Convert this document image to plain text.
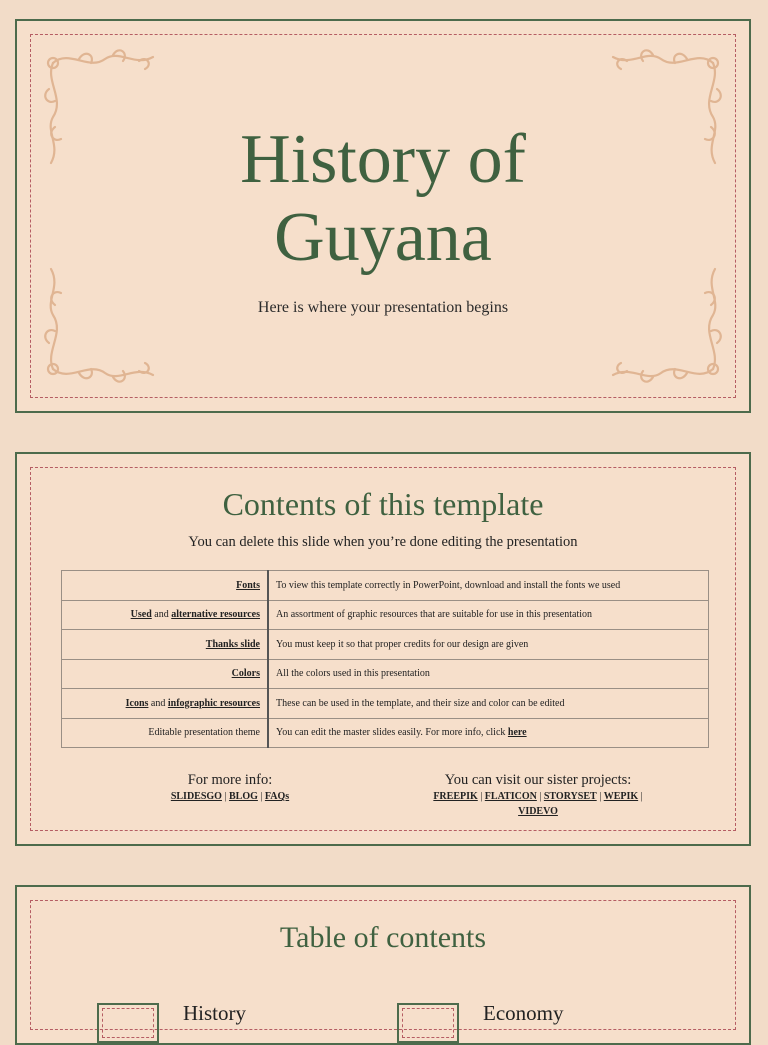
History of
Guyana
Here is where your presentation begins
Contents of this template
You can delete this slide when you’re done editing the presentation
Fonts	To view this template correctly in PowerPoint, download and install the fonts we used
Used and alternative resources	An assortment of graphic resources that are suitable for use in this presentation
Thanks slide	You must keep it so that proper credits for our design are given
Colors	All the colors used in this presentation
Icons and infographic resources	These can be used in the template, and their size and color can be edited
Editable presentation theme	You can edit the master slides easily. For more info, click here
For more info:
SLIDESGO | BLOG | FAQs
You can visit our sister projects:
FREEPIK | FLATICON | STORYSET | WEPIK |
VIDEVO
Table of contents
History	Economy
